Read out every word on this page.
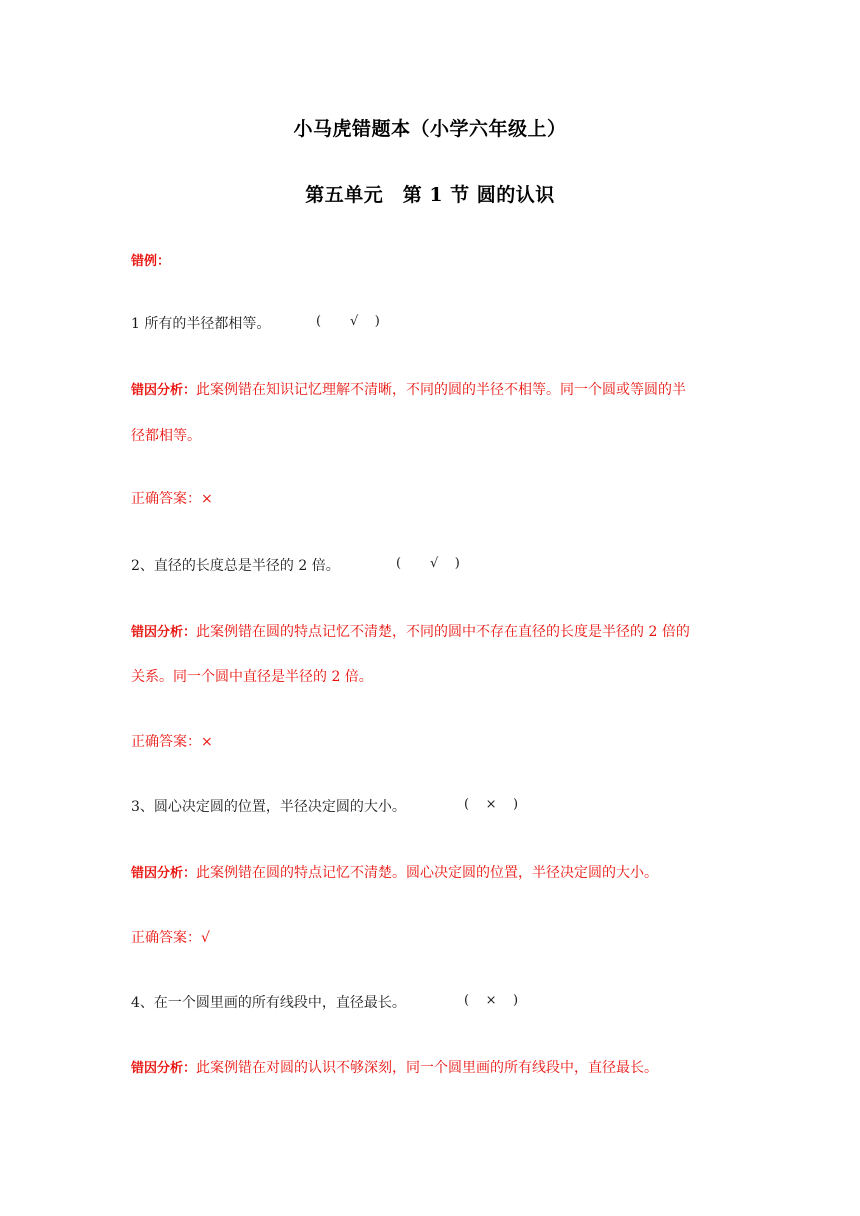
小马虎错题本（小学六年级上）
第五单元　第 1 节 圆的认识
错例：
1 所有的半径都相等。	(       √    )
错因分析：此案例错在知识记忆理解不清晰，不同的圆的半径不相等。同一个圆或等圆的半
径都相等。
正确答案：×
2、直径的长度总是半径的 2 倍。	(       √    )
错因分析：此案例错在圆的特点记忆不清楚，不同的圆中不存在直径的长度是半径的 2 倍的
关系。同一个圆中直径是半径的 2 倍。
正确答案：×
3、圆心决定圆的位置，半径决定圆的大小。	(    ×    )
错因分析：此案例错在圆的特点记忆不清楚。圆心决定圆的位置，半径决定圆的大小。
正确答案：√
4、在一个圆里画的所有线段中，直径最长。	(    ×    )
错因分析：此案例错在对圆的认识不够深刻，同一个圆里画的所有线段中，直径最长。
